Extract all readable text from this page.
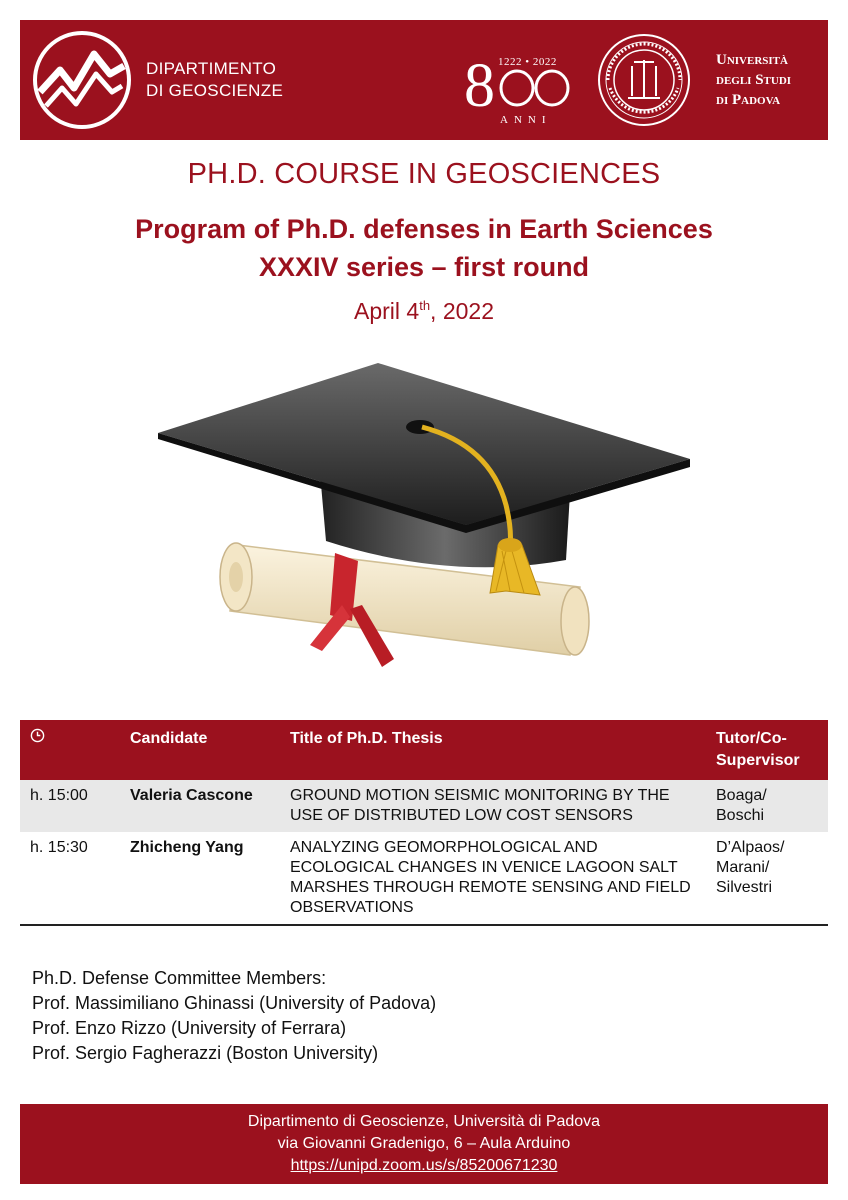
DIPARTIMENTO
DI GEOSCIENZE	8 1222 • 2022
ANNI
Università
degli Studi
di Padova
PH.D. COURSE IN GEOSCIENCES
Program of Ph.D. defenses in Earth Sciences
XXXIV series – first round
April 4th, 2022
	Candidate	Title of Ph.D. Thesis	Tutor/Co-Supervisor
h. 15:00	Valeria Cascone	GROUND MOTION SEISMIC MONITORING BY THE USE OF DISTRIBUTED LOW COST SENSORS	Boaga/ Boschi
h. 15:30	Zhicheng Yang	ANALYZING GEOMORPHOLOGICAL AND ECOLOGICAL CHANGES IN VENICE LAGOON SALT MARSHES THROUGH REMOTE SENSING AND FIELD OBSERVATIONS	D’Alpaos/ Marani/ Silvestri
Ph.D. Defense Committee Members:
Prof. Massimiliano Ghinassi (University of Padova)
Prof. Enzo Rizzo (University of Ferrara)
Prof. Sergio Fagherazzi (Boston University)
Dipartimento di Geoscienze, Università di Padova
via Giovanni Gradenigo, 6 – Aula Arduino
https://unipd.zoom.us/s/85200671230
